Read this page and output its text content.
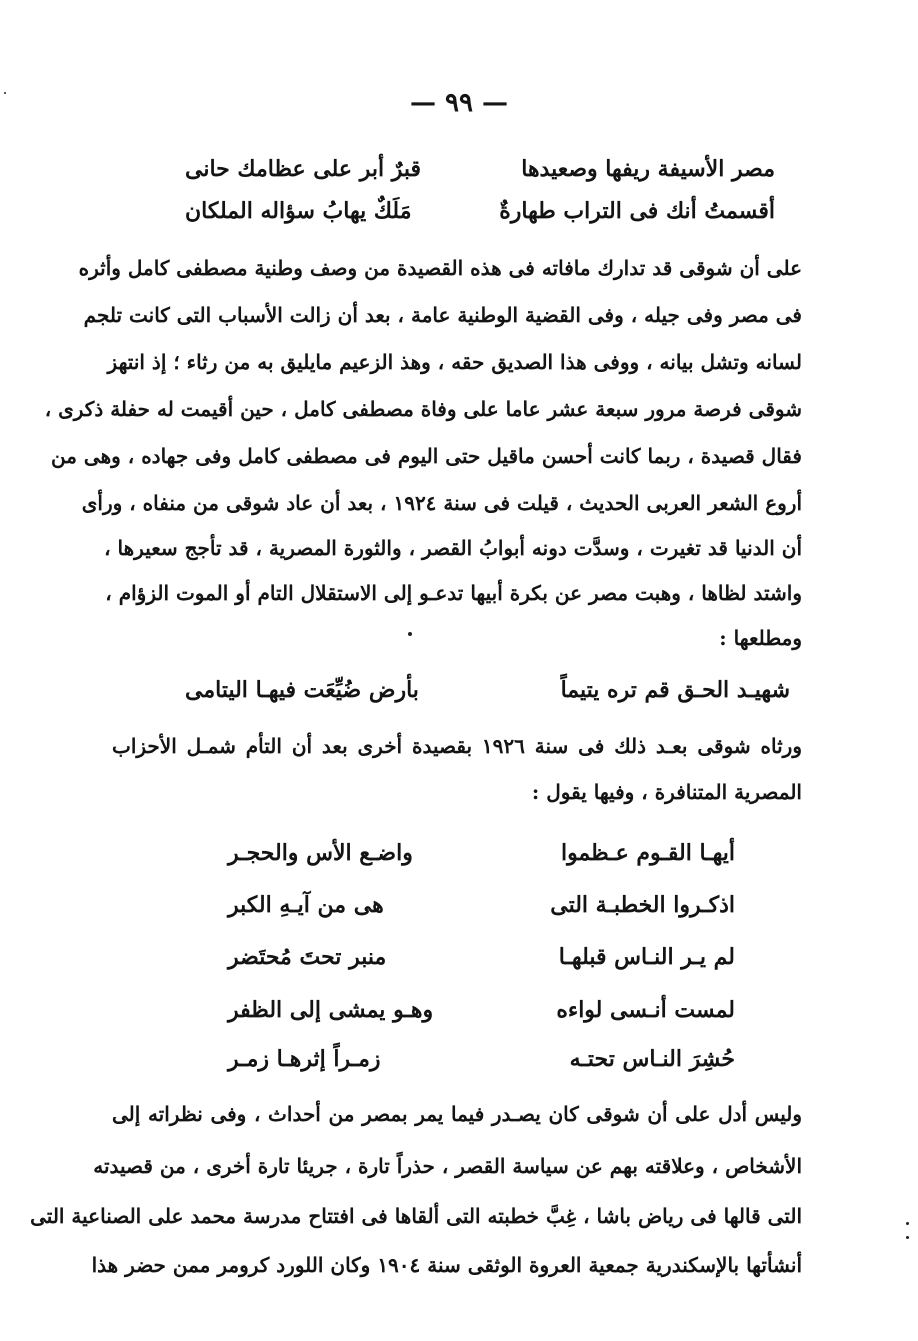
— ٩٩ —
مصر الأسيفة ريفها وصعيدها
قبرٌ أبر على عظامك حانى
أقسمتُ أنك فى التراب طهارةٌ
مَلَكٌ يهابُ سؤاله الملكان
على أن شوقى قد تدارك مافاته فى هذه القصيدة من وصف وطنية مصطفى كامل وأثره
فى مصر وفى جيله ، وفى القضية الوطنية عامة ، بعد أن زالت الأسباب التى كانت تلجم
لسانه وتشل بيانه ، ووفى هذا الصديق حقه ، وهذ الزعيم مايليق به من رثاء ؛ إذ انتهز
شوقى فرصة مرور سبعة عشر عاما على وفاة مصطفى كامل ، حين أقيمت له حفلة ذكرى ،
فقال قصيدة ، ربما كانت أحسن ماقيل حتى اليوم فى مصطفى كامل وفى جهاده ، وهى من
أروع الشعر العربى الحديث ، قيلت فى سنة ١٩٢٤ ، بعد أن عاد شوقى من منفاه ، ورأى
أن الدنيا قد تغيرت ، وسدَّت دونه أبوابُ القصر ، والثورة المصرية ، قد تأجج سعيرها ،
واشتد لظاها ، وهبت مصر عن بكرة أبيها تدعـو إلى الاستقلال التام أو الموت الزؤام ،
ومطلعها :
شهيـد الحـق قم تره يتيماً
بأرض ضُيِّعَت فيهـا اليتامى
ورثاه شوقى بعـد ذلك فى سنة ١٩٢٦ بقصيدة أخرى بعد أن التأم شمـل الأحزاب
المصرية المتنافرة ، وفيها يقول :
أيهـا القـوم عـظموا
واضـع الأس والحجـر
اذكـروا الخطبـة التى
هى من آيـهِ الكبر
لم يـر النـاس قبلهـا
منبر تحتَ مُحتَضر
لمست أنـسى لواءه
وهـو يمشى إلى الظفر
حُشِرَ النـاس تحتـه
زمـراً إثرهـا زمـر
وليس أدل على أن شوقى كان يصـدر فيما يمر بمصر من أحداث ، وفى نظراته إلى
الأشخاص ، وعلاقته بهم عن سياسة القصر ، حذراً تارة ، جريئا تارة أخرى ، من قصيدته
التى قالها فى رياض باشا ، غِبَّ خطبته التى ألقاها فى افتتاح مدرسة محمد على الصناعية التى
أنشأتها بالإسكندرية جمعية العروة الوثقى سنة ١٩٠٤ وكان اللورد كرومر ممن حضر هذا
